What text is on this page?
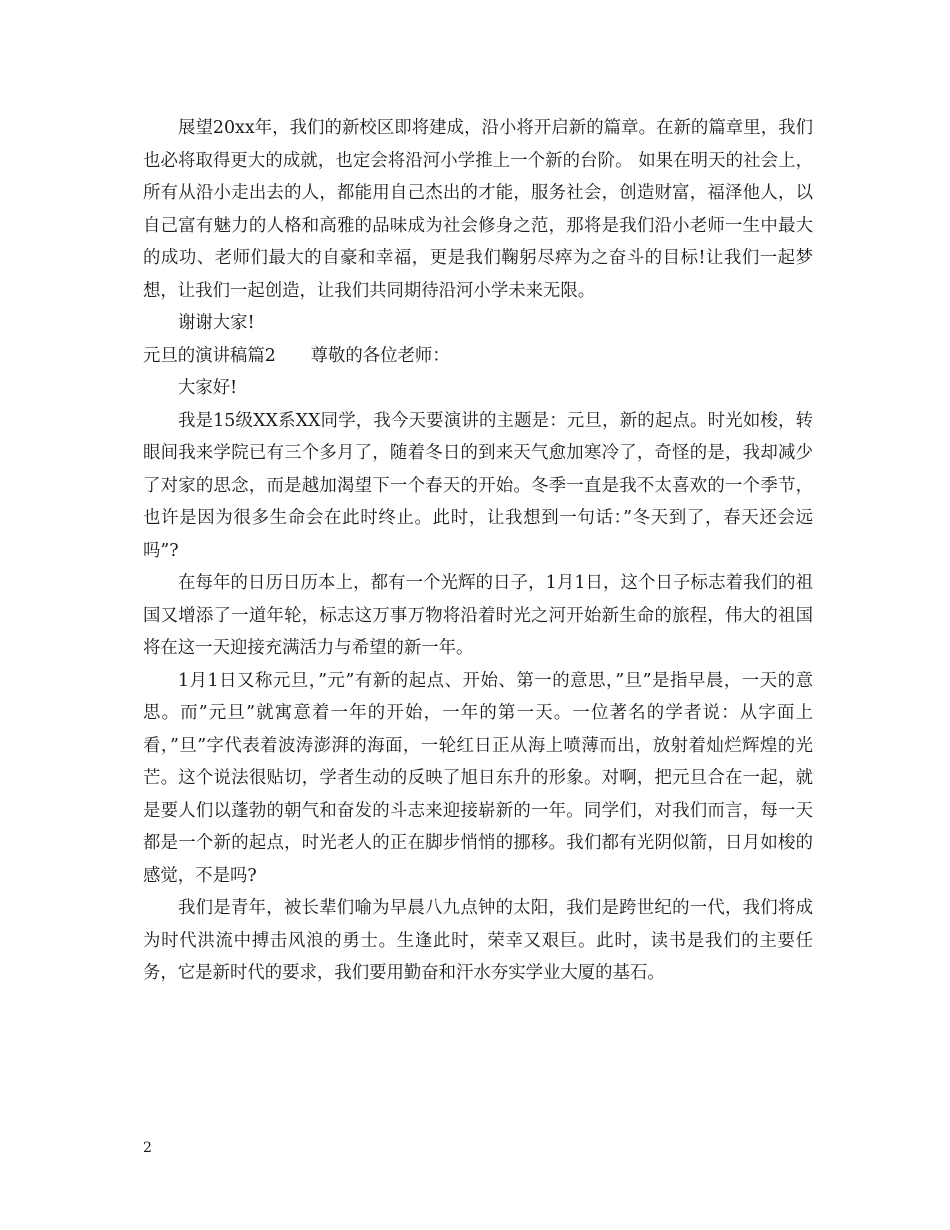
展望20xx年，我们的新校区即将建成，沿小将开启新的篇章。在新的篇章里，我们也必将取得更大的成就，也定会将沿河小学推上一个新的台阶。 如果在明天的社会上，所有从沿小走出去的人，都能用自己杰出的才能，服务社会，创造财富，福泽他人，以自己富有魅力的人格和高雅的品味成为社会修身之范，那将是我们沿小老师一生中最大的成功、老师们最大的自豪和幸福，更是我们鞠躬尽瘁为之奋斗的目标!让我们一起梦想，让我们一起创造，让我们共同期待沿河小学未来无限。

谢谢大家!

元旦的演讲稿篇2　　尊敬的各位老师：

大家好!

我是15级XX系XX同学，我今天要演讲的主题是：元旦，新的起点。时光如梭，转眼间我来学院已有三个多月了，随着冬日的到来天气愈加寒冷了，奇怪的是，我却减少了对家的思念，而是越加渴望下一个春天的开始。冬季一直是我不太喜欢的一个季节，也许是因为很多生命会在此时终止。此时，让我想到一句话：”冬天到了，春天还会远吗”?

在每年的日历日历本上，都有一个光辉的日子，1月1日，这个日子标志着我们的祖国又增添了一道年轮，标志这万事万物将沿着时光之河开始新生命的旅程，伟大的祖国将在这一天迎接充满活力与希望的新一年。

1月1日又称元旦，”元”有新的起点、开始、第一的意思，”旦”是指早晨，一天的意思。而”元旦”就寓意着一年的开始，一年的第一天。一位著名的学者说：从字面上看，”旦”字代表着波涛澎湃的海面，一轮红日正从海上喷薄而出，放射着灿烂辉煌的光芒。这个说法很贴切，学者生动的反映了旭日东升的形象。对啊，把元旦合在一起，就是要人们以蓬勃的朝气和奋发的斗志来迎接崭新的一年。同学们，对我们而言，每一天都是一个新的起点，时光老人的正在脚步悄悄的挪移。我们都有光阴似箭，日月如梭的感觉，不是吗?

我们是青年，被长辈们喻为早晨八九点钟的太阳，我们是跨世纪的一代，我们将成为时代洪流中搏击风浪的勇士。生逢此时，荣幸又艰巨。此时，读书是我们的主要任务，它是新时代的要求，我们要用勤奋和汗水夯实学业大厦的基石。

2
